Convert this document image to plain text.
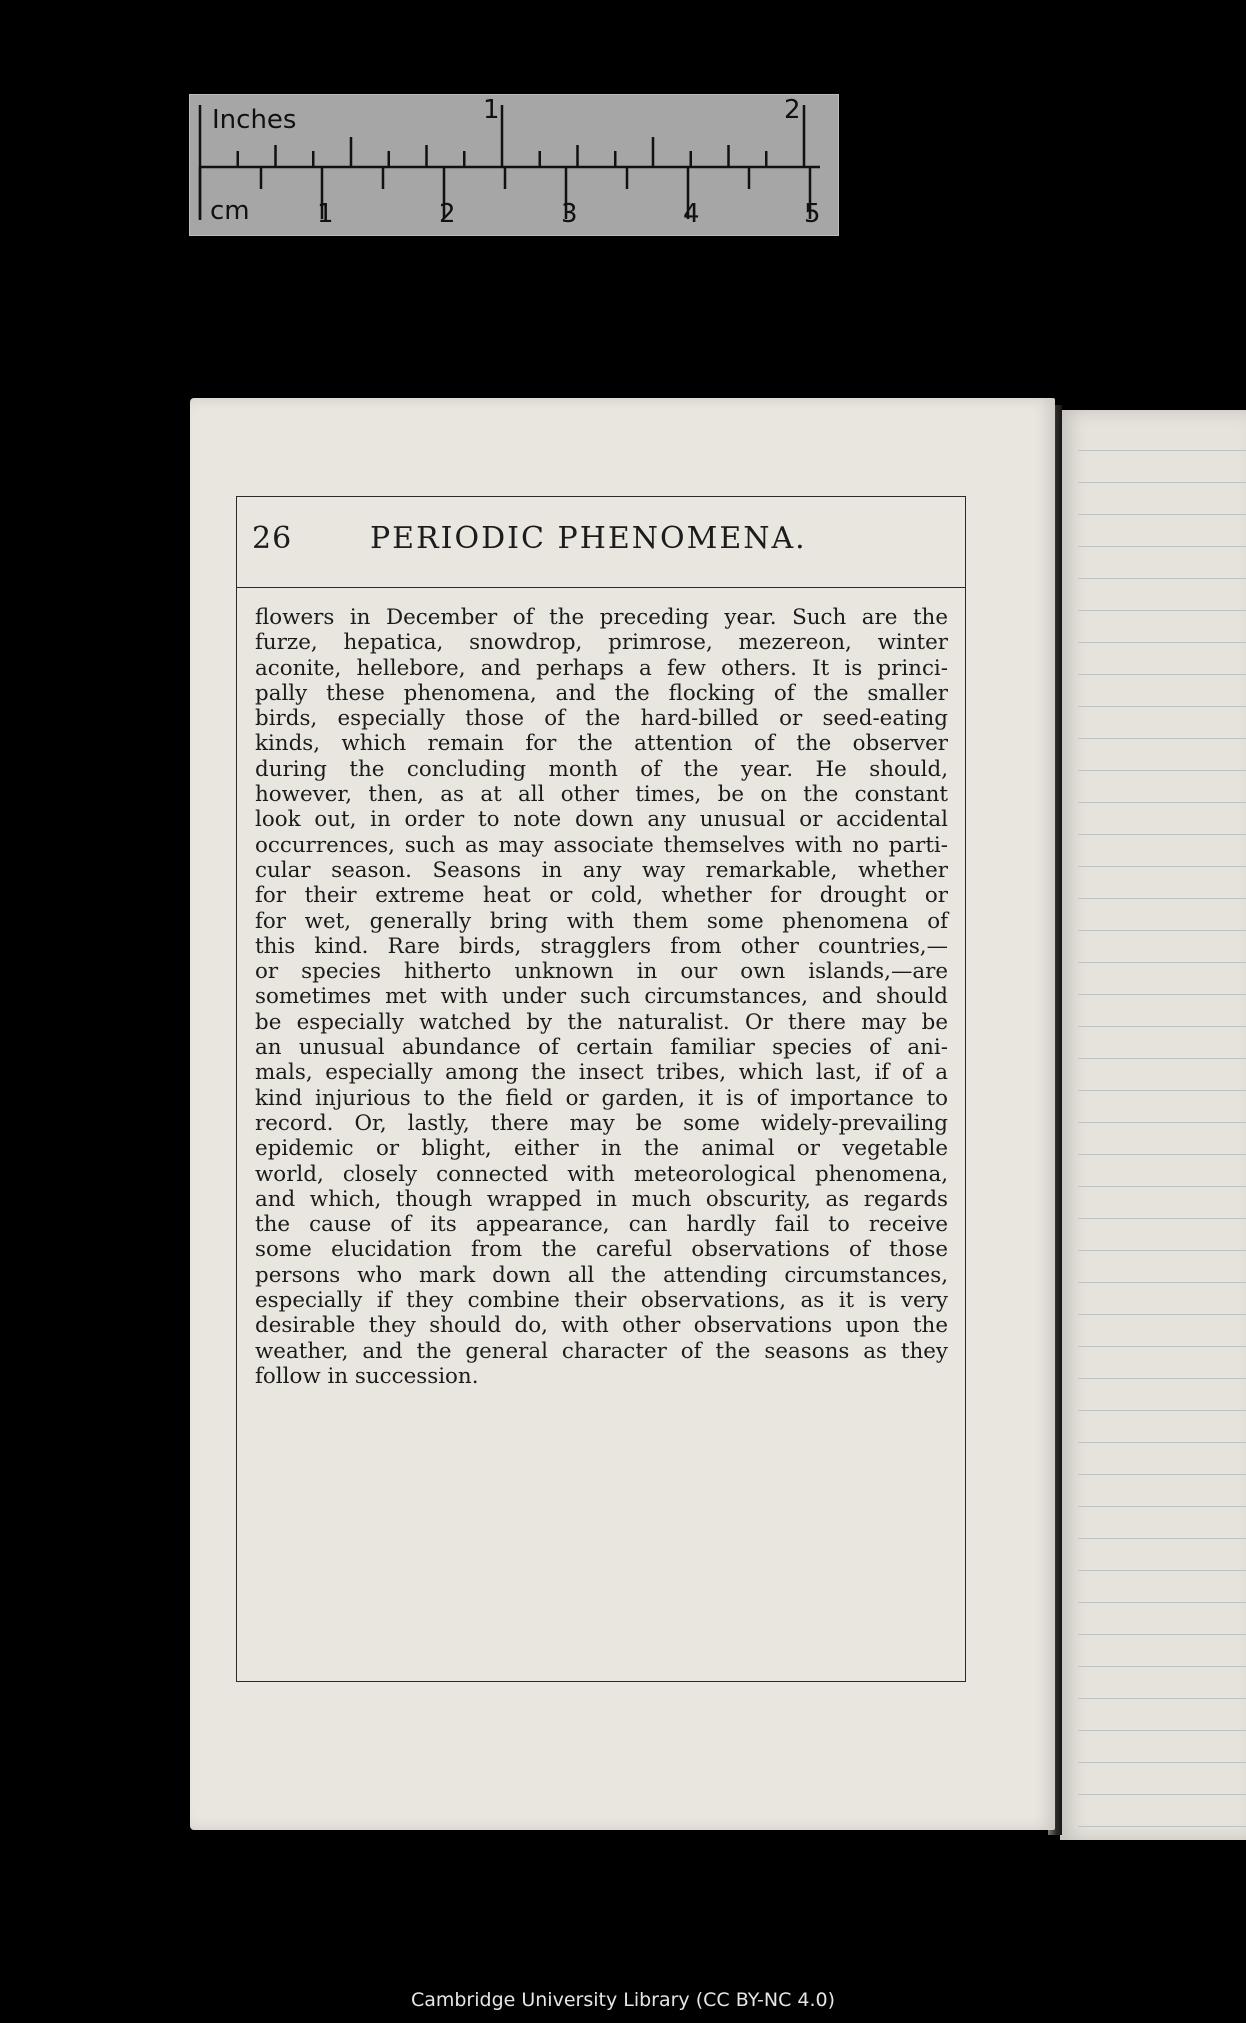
Inches	1	2
cm	1	2	3	4	5
26	PERIODIC PHENOMENA.
flowers in December of the preceding year. Such are the
furze, hepatica, snowdrop, primrose, mezereon, winter
aconite, hellebore, and perhaps a few others. It is princi-
pally these phenomena, and the flocking of the smaller
birds, especially those of the hard-billed or seed-eating
kinds, which remain for the attention of the observer
during the concluding month of the year. He should,
however, then, as at all other times, be on the constant
look out, in order to note down any unusual or accidental
occurrences, such as may associate themselves with no parti-
cular season. Seasons in any way remarkable, whether
for their extreme heat or cold, whether for drought or
for wet, generally bring with them some phenomena of
this kind. Rare birds, stragglers from other countries,—
or species hitherto unknown in our own islands,—are
sometimes met with under such circumstances, and should
be especially watched by the naturalist. Or there may be
an unusual abundance of certain familiar species of ani-
mals, especially among the insect tribes, which last, if of a
kind injurious to the field or garden, it is of importance to
record. Or, lastly, there may be some widely-prevailing
epidemic or blight, either in the animal or vegetable
world, closely connected with meteorological phenomena,
and which, though wrapped in much obscurity, as regards
the cause of its appearance, can hardly fail to receive
some elucidation from the careful observations of those
persons who mark down all the attending circumstances,
especially if they combine their observations, as it is very
desirable they should do, with other observations upon the
weather, and the general character of the seasons as they
follow in succession.
Cambridge University Library (CC BY-NC 4.0)
